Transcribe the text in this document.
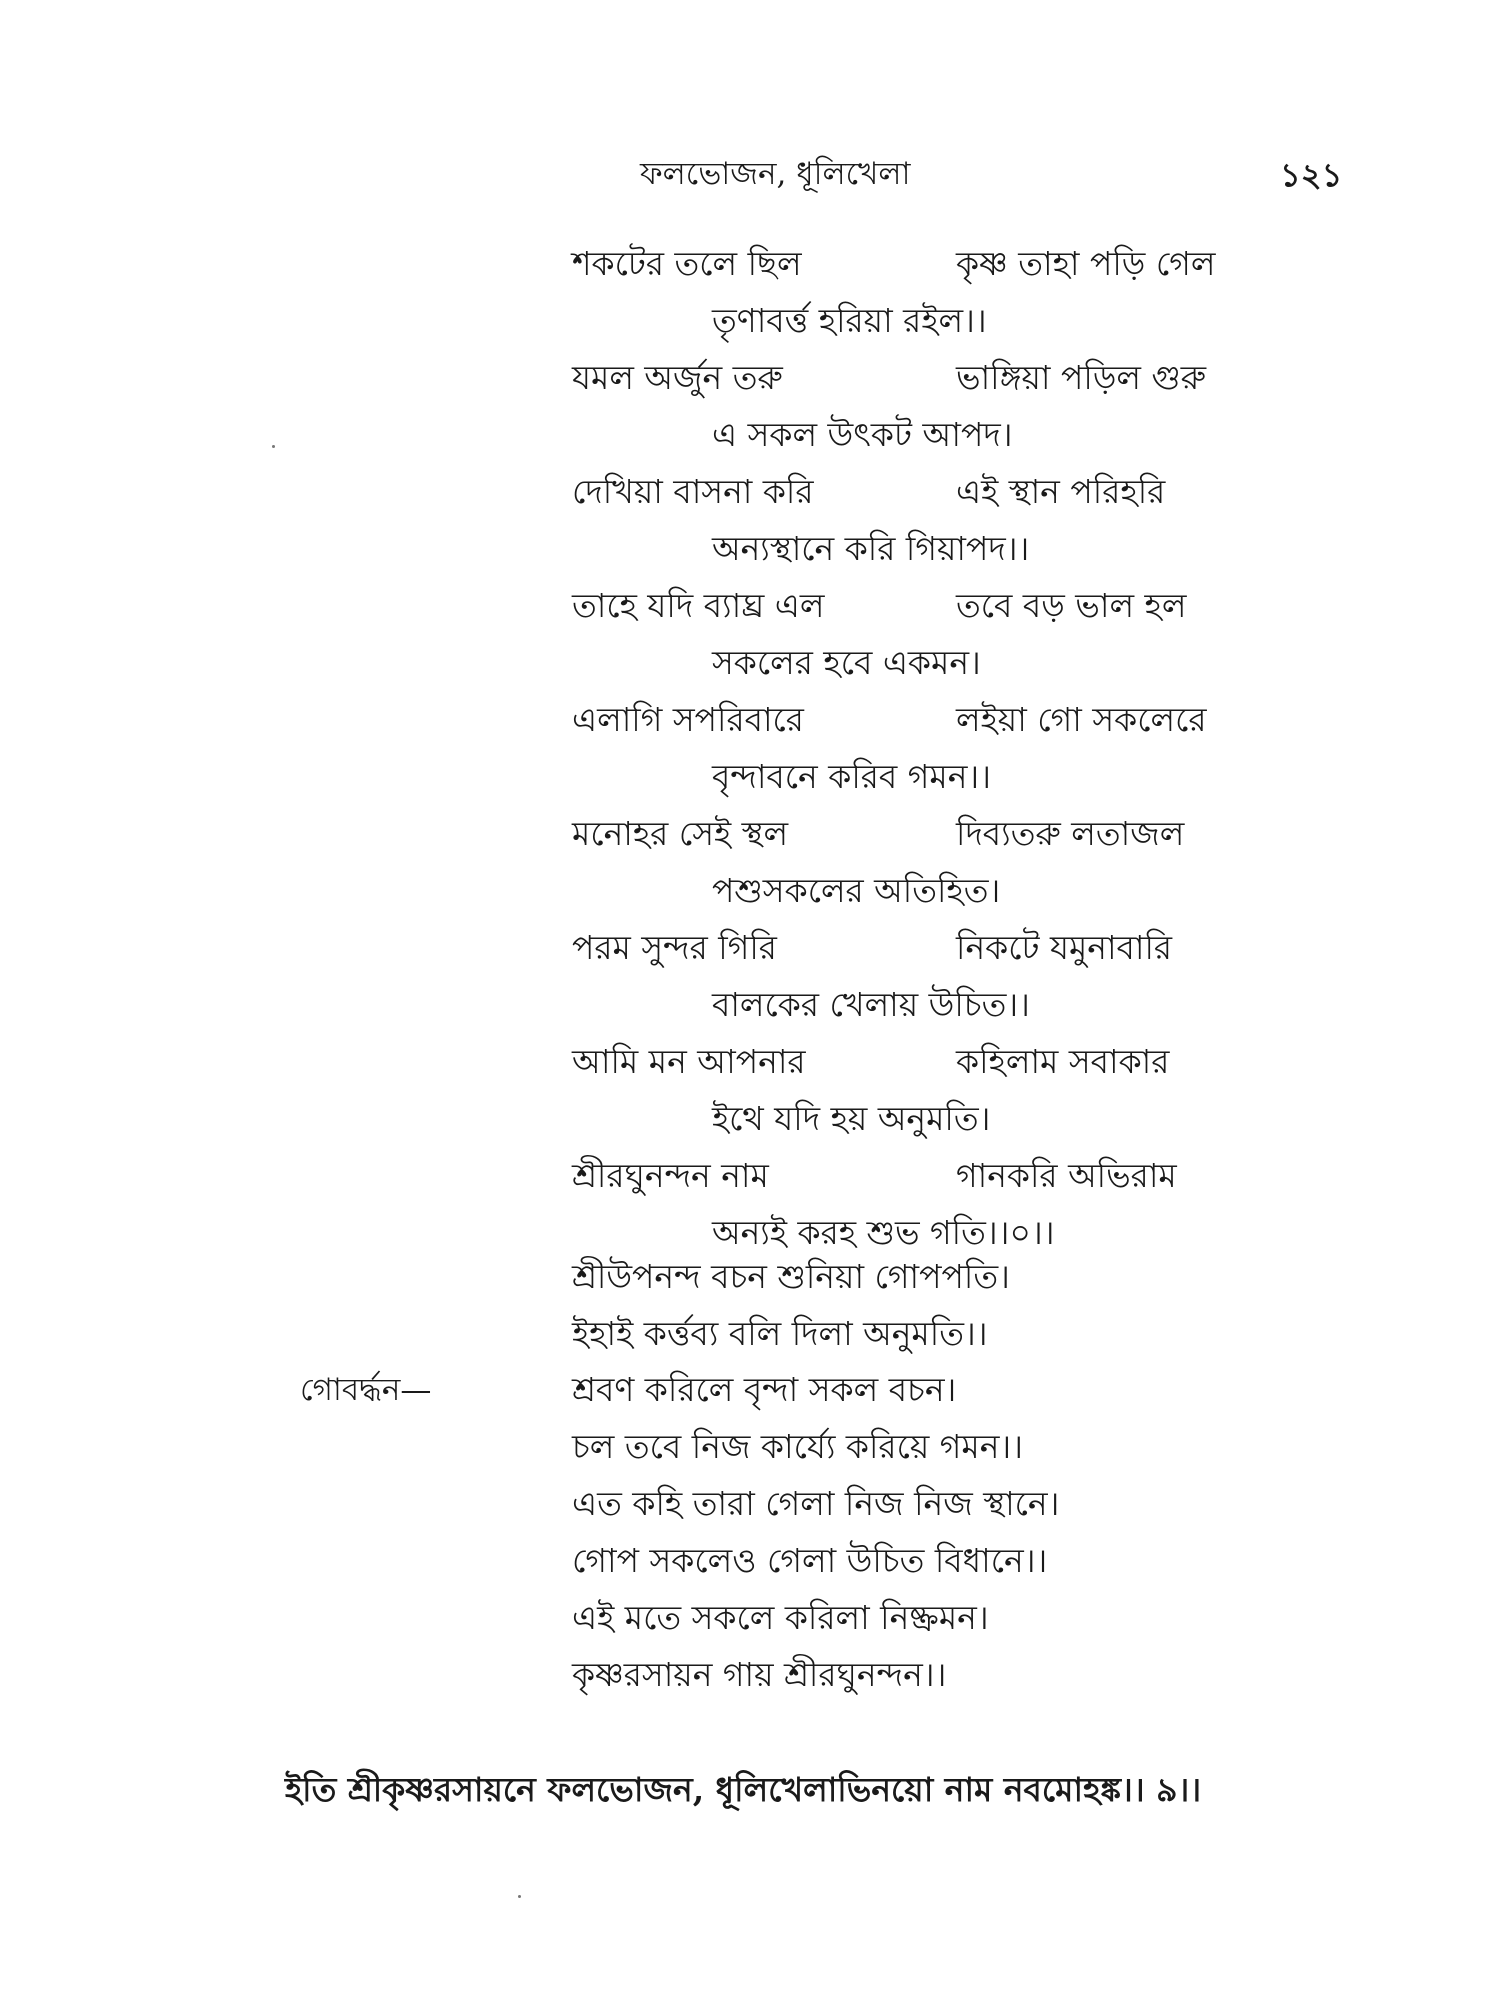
ফলভোজন, ধূলিখেলা	১২১
শকটের তলে ছিল	কৃষ্ণ তাহা পড়ি গেল
তৃণাবর্ত্ত হরিয়া রইল।।
যমল অর্জুন তরু	ভাঙ্গিয়া পড়িল গুরু
এ সকল উৎকট আপদ।
দেখিয়া বাসনা করি	এই স্থান পরিহরি
অন্যস্থানে করি গিয়াপদ।।
তাহে যদি ব্যাঘ্র এল	তবে বড় ভাল হল
সকলের হবে একমন।
এলাগি সপরিবারে	লইয়া গো সকলেরে
বৃন্দাবনে করিব গমন।।
মনোহর সেই স্থল	দিব্যতরু লতাজল
পশুসকলের অতিহিত।
পরম সুন্দর গিরি	নিকটে যমুনাবারি
বালকের খেলায় উচিত।।
আমি মন আপনার	কহিলাম সবাকার
ইথে যদি হয় অনুমতি।
শ্রীরঘুনন্দন নাম	গানকরি অভিরাম
অন্যই করহ শুভ গতি।।০।।
শ্রীউপনন্দ বচন শুনিয়া গোপপতি।
ইহাই কর্ত্তব্য বলি দিলা অনুমতি।।
গোবর্দ্ধন—	শ্রবণ করিলে বৃন্দা সকল বচন।
চল তবে নিজ কার্য্যে করিয়ে গমন।।
এত কহি তারা গেলা নিজ নিজ স্থানে।
গোপ সকলেও গেলা উচিত বিধানে।।
এই মতে সকলে করিলা নিষ্ক্রমন।
কৃষ্ণরসায়ন গায় শ্রীরঘুনন্দন।।
ইতি শ্রীকৃষ্ণরসায়নে ফলভোজন, ধূলিখেলাভিনয়ো নাম নবমোহঙ্ক।। ৯।।
